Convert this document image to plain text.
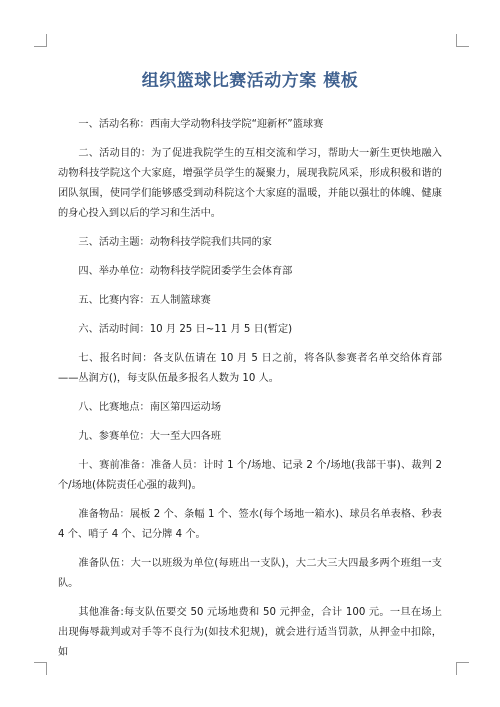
组织篮球比赛活动方案 模板

一、活动名称：西南大学动物科技学院“迎新杯”篮球赛

二、活动目的：为了促进我院学生的互相交流和学习，帮助大一新生更快地融入动物科技学院这个大家庭，增强学员学生的凝聚力，展现我院风采，形成积极和谐的团队氛围，使同学们能够感受到动科院这个大家庭的温暖，并能以强壮的体魄、健康的身心投入到以后的学习和生活中。

三、活动主题：动物科技学院我们共同的家

四、举办单位：动物科技学院团委学生会体育部

五、比赛内容：五人制篮球赛

六、活动时间：10 月 25 日~11 月 5 日(暂定)

七、报名时间：各支队伍请在 10 月 5 日之前，将各队参赛者名单交给体育部——丛润方()，每支队伍最多报名人数为 10 人。

八、比赛地点：南区第四运动场

九、参赛单位：大一至大四各班

十、赛前准备：准备人员：计时 1 个/场地、记录 2 个/场地(我部干事)、裁判 2 个/场地(体院责任心强的裁判)。

准备物品：展板 2 个、条幅 1 个、签水(每个场地一箱水)、球员名单表格、秒表 4 个、哨子 4 个、记分牌 4 个。

准备队伍：大一以班级为单位(每班出一支队)，大二大三大四最多两个班组一支队。

其他准备:每支队伍要交 50 元场地费和 50 元押金，合计 100 元。一旦在场上出现侮辱裁判或对手等不良行为(如技术犯规)，就会进行适当罚款，从押金中扣除，如
